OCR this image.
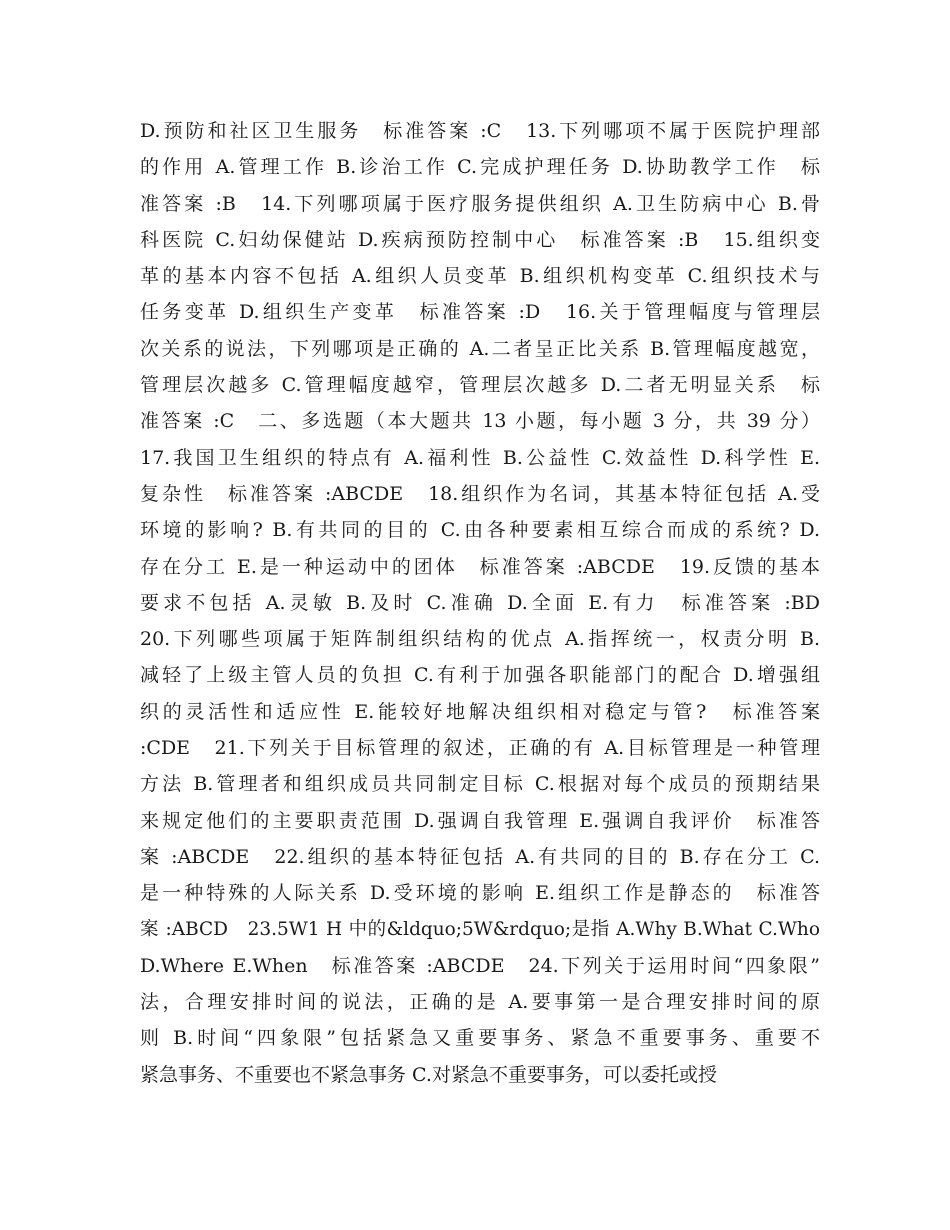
D.预防和社区卫生服务　标准答案 :C　13.下列哪项不属于医院护理部
的作用 A.管理工作 B.诊治工作 C.完成护理任务 D.协助教学工作　标
准答案 :B　14.下列哪项属于医疗服务提供组织 A.卫生防病中心 B.骨
科医院 C.妇幼保健站 D.疾病预防控制中心　标准答案 :B　15.组织变
革的基本内容不包括 A.组织人员变革 B.组织机构变革 C.组织技术与
任务变革 D.组织生产变革　标准答案 :D　16.关于管理幅度与管理层
次关系的说法，下列哪项是正确的 A.二者呈正比关系 B.管理幅度越宽，
管理层次越多 C.管理幅度越窄，管理层次越多 D.二者无明显关系　标
准答案 :C　二、多选题（本大题共 13 小题，每小题 3 分，共 39 分）
17.我国卫生组织的特点有 A.福利性 B.公益性 C.效益性 D.科学性 E.
复杂性　标准答案 :ABCDE　18.组织作为名词，其基本特征包括 A.受
环境的影响? B.有共同的目的 C.由各种要素相互综合而成的系统? D.
存在分工 E.是一种运动中的团体　标准答案 :ABCDE　19.反馈的基本
要求不包括 A.灵敏 B.及时 C.准确 D.全面 E.有力　标准答案 :BD
20.下列哪些项属于矩阵制组织结构的优点 A.指挥统一，权责分明 B.
减轻了上级主管人员的负担 C.有利于加强各职能部门的配合 D.增强组
织的灵活性和适应性 E.能较好地解决组织相对稳定与管?　标准答案
:CDE　21.下列关于目标管理的叙述，正确的有 A.目标管理是一种管理
方法 B.管理者和组织成员共同制定目标 C.根据对每个成员的预期结果
来规定他们的主要职责范围 D.强调自我管理 E.强调自我评价　标准答
案 :ABCDE　22.组织的基本特征包括 A.有共同的目的 B.存在分工 C.
是一种特殊的人际关系 D.受环境的影响 E.组织工作是静态的　标准答
案 :ABCD　23.5W1 H 中的&ldquo;5W&rdquo;是指 A.Why B.What C.Who
D.Where E.When　标准答案 :ABCDE　24.下列关于运用时间“四象限”
法，合理安排时间的说法，正确的是 A.要事第一是合理安排时间的原
则 B.时间“四象限”包括紧急又重要事务、紧急不重要事务、重要不
紧急事务、不重要也不紧急事务 C.对紧急不重要事务，可以委托或授
